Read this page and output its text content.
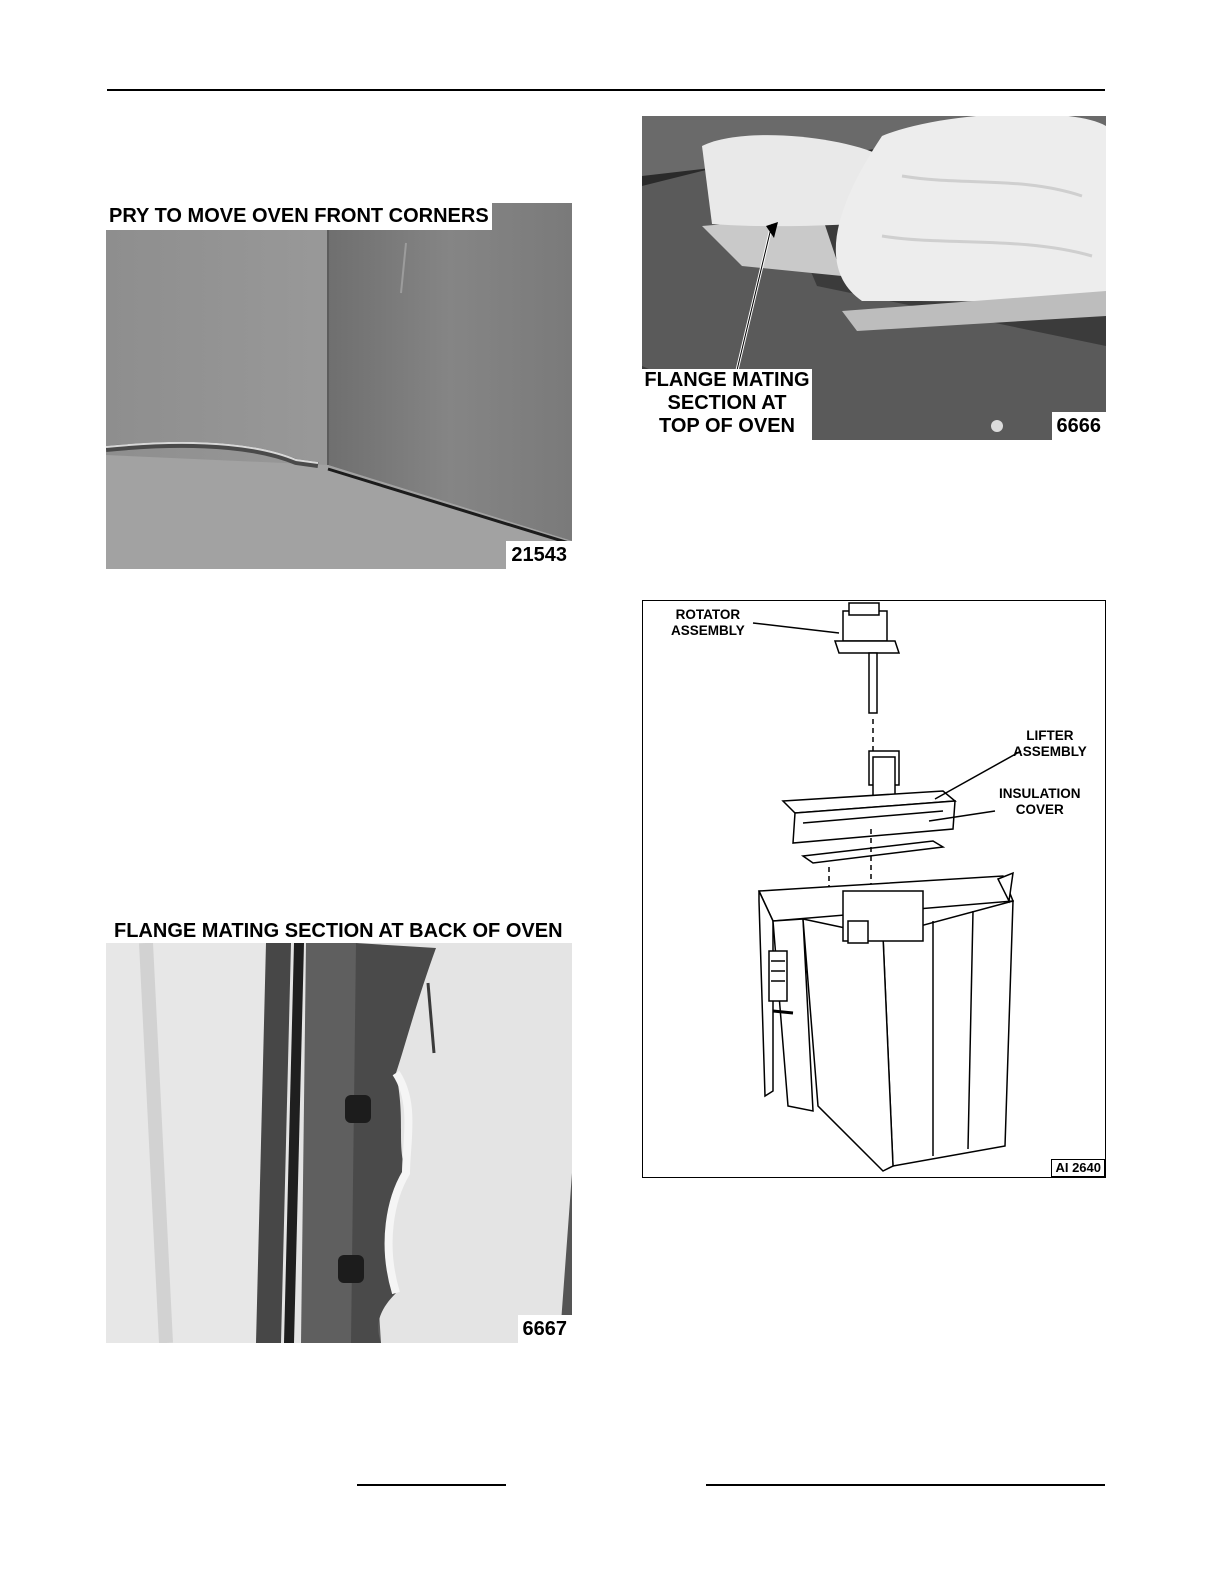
PRY TO MOVE OVEN FRONT CORNERS
21543
FLANGE MATING
SECTION AT
TOP OF OVEN	6666
FLANGE MATING SECTION AT BACK OF OVEN
6667
ROTATOR
ASSEMBLY
LIFTER
ASSEMBLY
INSULATION
COVER
AI 2640
